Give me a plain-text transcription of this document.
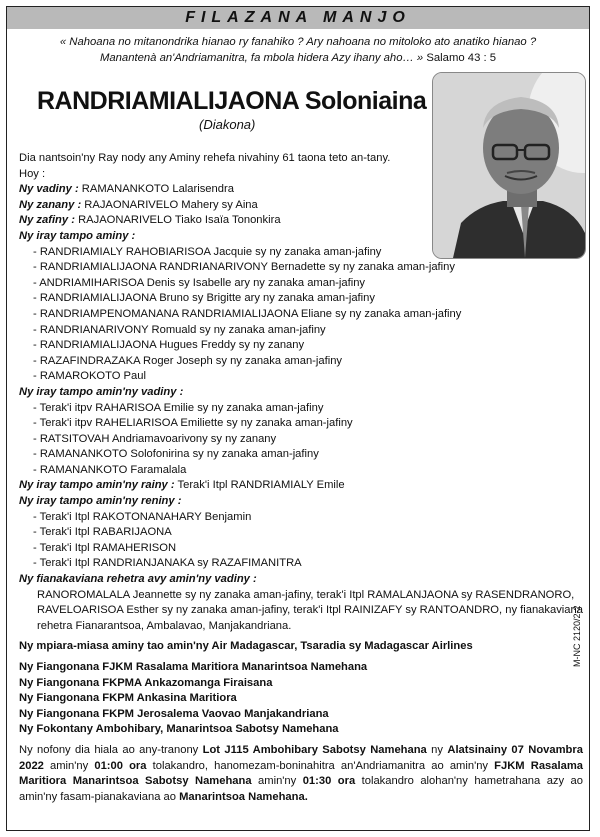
FILAZANA MANJO
« Nahoana no mitanondrika hianao ry fanahiko ? Ary nahoana no mitoloko ato anatiko hianao ?
Manantenà an'Andriamanitra, fa mbola hidera Azy ihany aho… » Salamo 43 : 5
RANDRIAMIALIJAONA Soloniaina
(Diakona)
Dia nantsoin'ny Ray nody any Aminy rehefa nivahiny 61 taona teto an-tany.
Hoy :
Ny vadiny : RAMANANKOTO Lalarisendra
Ny zanany : RAJAONARIVELO Mahery sy Aina
Ny zafiny : RAJAONARIVELO Tiako Isaïa Tononkira
Ny iray tampo aminy :
- RANDRIAMIALY RAHOBIARISOA Jacquie sy ny zanaka aman-jafiny
- RANDRIAMIALIJAONA RANDRIANARIVONY Bernadette sy ny zanaka aman-jafiny
- ANDRIAMIHARISOA Denis sy Isabelle ary ny zanaka aman-jafiny
- RANDRIAMIALIJAONA Bruno sy Brigitte ary ny zanaka aman-jafiny
- RANDRIAMPENOMANANA RANDRIAMIALIJAONA Eliane sy ny zanaka aman-jafiny
- RANDRIANARIVONY Romuald sy ny zanaka aman-jafiny
- RANDRIAMIALIJAONA Hugues Freddy sy ny zanany
- RAZAFINDRAZAKA Roger Joseph sy ny zanaka aman-jafiny
- RAMAROKOTO Paul
Ny iray tampo amin'ny vadiny :
- Terak'i itpv RAHARISOA Emilie sy ny zanaka aman-jafiny
- Terak'i itpv RAHELIARISOA Emiliette sy ny zanaka aman-jafiny
- RATSITOVAH Andriamavoarivony sy ny zanany
- RAMANANKOTO Solofonirina sy ny zanaka aman-jafiny
- RAMANANKOTO Faramalala
Ny iray tampo amin'ny rainy : Terak'i Itpl RANDRIAMIALY Emile
Ny iray tampo amin'ny reniny :
- Terak'i Itpl RAKOTONANAHARY Benjamin
- Terak'i Itpl RABARIJAONA
- Terak'i Itpl RAMAHERISON
- Terak'i Itpl RANDRIANJANAKA sy RAZAFIMANITRA
Ny fianakaviana rehetra avy amin'ny vadiny :
RANOROMALALA Jeannette sy ny zanaka aman-jafiny, terak'i Itpl RAMALANJAONA sy RASENDRANORO, RAVELOARISOA Esther sy ny zanaka aman-jafiny, terak'i Itpl RAINIZAFY sy RANTOANDRO, ny fianakaviana rehetra Fianarantsoa, Ambalavao, Manjakandriana.
Ny mpiara-miasa aminy tao amin'ny Air Madagascar, Tsaradia sy Madagascar Airlines
Ny Fiangonana FJKM Rasalama Maritiora Manarintsoa Namehana
Ny Fiangonana FKPMA Ankazomanga Firaisana
Ny Fiangonana FKPM Ankasina Maritiora
Ny Fiangonana FKPM Jerosalema Vaovao Manjakandriana
Ny Fokontany Ambohibary, Manarintsoa Sabotsy Namehana
Ny nofony dia hiala ao any-tranony Lot J115 Ambohibary Sabotsy Namehana ny Alatsinainy 07 Novambra 2022 amin'ny 01:00 ora tolakandro, hanomezam-boninahitra an'Andriamanitra ao amin'ny FJKM Rasalama Maritiora Manarintsoa Sabotsy Namehana amin'ny 01:30 ora tolakandro alohan'ny hametrahana azy ao amin'ny fasam-pianakaviana ao Manarintsoa Namehana.
M-NC 2120/2-2
